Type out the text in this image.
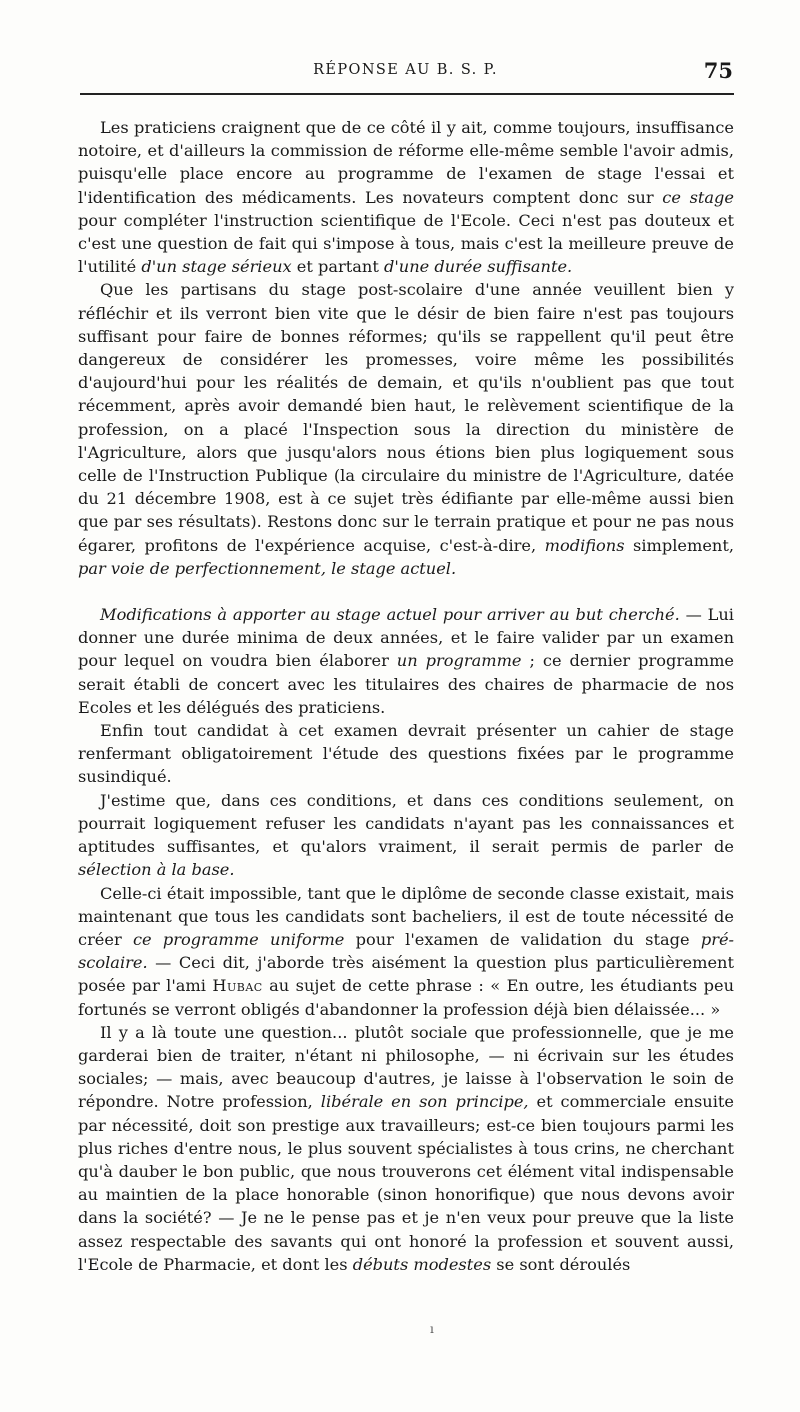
RÉPONSE AU B. S. P.	75

Les praticiens craignent que de ce côté il y ait, comme toujours, insuffisance notoire, et d'ailleurs la commission de réforme elle-même semble l'avoir admis, puisqu'elle place encore au programme de l'examen de stage l'essai et l'identification des médicaments. Les novateurs comptent donc sur ce stage pour compléter l'instruction scientifique de l'Ecole. Ceci n'est pas douteux et c'est une question de fait qui s'impose à tous, mais c'est la meilleure preuve de l'utilité d'un stage sérieux et partant d'une durée suffisante.

Que les partisans du stage post-scolaire d'une année veuillent bien y réfléchir et ils verront bien vite que le désir de bien faire n'est pas toujours suffisant pour faire de bonnes réformes; qu'ils se rappellent qu'il peut être dangereux de considérer les promesses, voire même les possibilités d'aujourd'hui pour les réalités de demain, et qu'ils n'oublient pas que tout récemment, après avoir demandé bien haut, le relèvement scientifique de la profession, on a placé l'Inspection sous la direction du ministère de l'Agriculture, alors que jusqu'alors nous étions bien plus logiquement sous celle de l'Instruction Publique (la circulaire du ministre de l'Agriculture, datée du 21 décembre 1908, est à ce sujet très édifiante par elle-même aussi bien que par ses résultats). Restons donc sur le terrain pratique et pour ne pas nous égarer, profitons de l'expérience acquise, c'est-à-dire, modifions simplement, par voie de perfectionnement, le stage actuel.

Modifications à apporter au stage actuel pour arriver au but cherché. — Lui donner une durée minima de deux années, et le faire valider par un examen pour lequel on voudra bien élaborer un programme ; ce dernier programme serait établi de concert avec les titulaires des chaires de pharmacie de nos Ecoles et les délégués des praticiens.

Enfin tout candidat à cet examen devrait présenter un cahier de stage renfermant obligatoirement l'étude des questions fixées par le programme susindiqué.

J'estime que, dans ces conditions, et dans ces conditions seulement, on pourrait logiquement refuser les candidats n'ayant pas les connaissances et aptitudes suffisantes, et qu'alors vraiment, il serait permis de parler de sélection à la base.

Celle-ci était impossible, tant que le diplôme de seconde classe existait, mais maintenant que tous les candidats sont bacheliers, il est de toute nécessité de créer ce programme uniforme pour l'examen de validation du stage pré-scolaire. — Ceci dit, j'aborde très aisément la question plus particulièrement posée par l'ami Hubac au sujet de cette phrase : « En outre, les étudiants peu fortunés se verront obligés d'abandonner la profession déjà bien délaissée... »

Il y a là toute une question... plutôt sociale que professionnelle, que je me garderai bien de traiter, n'étant ni philosophe, — ni écrivain sur les études sociales; — mais, avec beaucoup d'autres, je laisse à l'observation le soin de répondre. Notre profession, libérale en son principe, et commerciale ensuite par nécessité, doit son prestige aux travailleurs; est-ce bien toujours parmi les plus riches d'entre nous, le plus souvent spécialistes à tous crins, ne cherchant qu'à dauber le bon public, que nous trouverons cet élément vital indispensable au maintien de la place honorable (sinon honorifique) que nous devons avoir dans la société? — Je ne le pense pas et je n'en veux pour preuve que la liste assez respectable des savants qui ont honoré la profession et souvent aussi, l'Ecole de Pharmacie, et dont les débuts modestes se sont déroulés

ı
